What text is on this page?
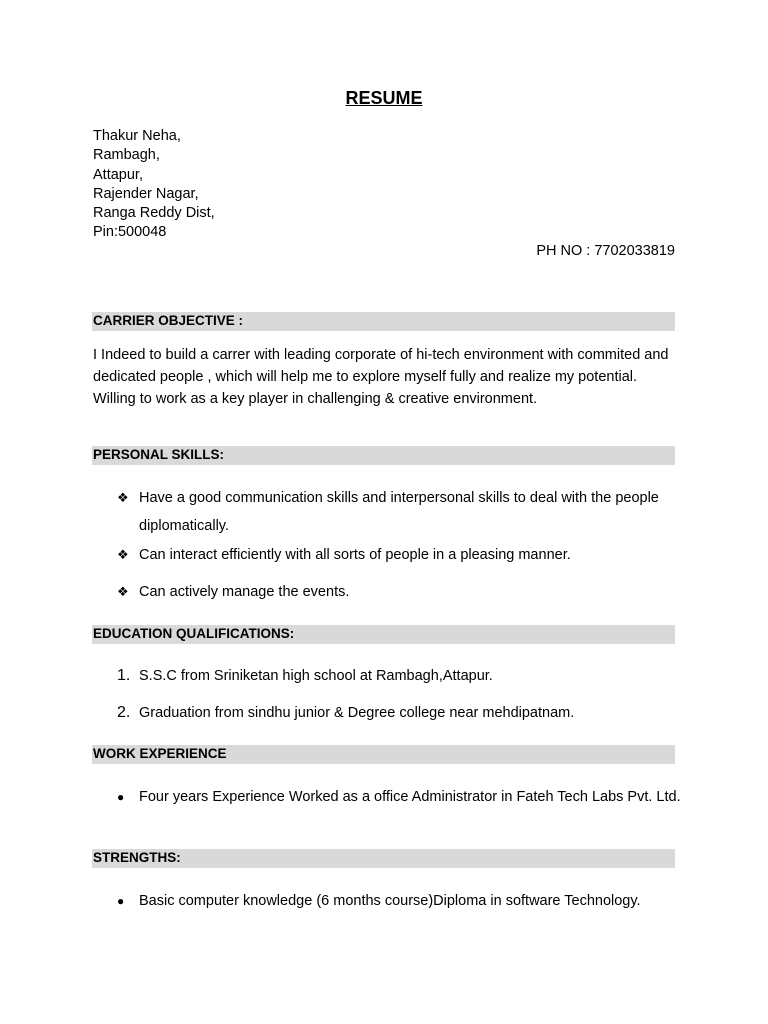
RESUME
Thakur Neha,
Rambagh,
Attapur,
Rajender Nagar,
Ranga Reddy Dist,
Pin:500048
PH NO : 7702033819
CARRIER OBJECTIVE :
I Indeed to build a carrer with leading corporate of hi-tech environment with commited and dedicated people , which will help me to explore myself fully and realize my potential. Willing to work as a key player in challenging & creative environment.
PERSONAL SKILLS:
❖ Have a good communication skills and interpersonal skills to deal with the people diplomatically.
❖ Can interact efficiently with all sorts of people in a pleasing manner.
❖ Can actively manage the events.
EDUCATION QUALIFICATIONS:
1. S.S.C from Sriniketan high school at Rambagh,Attapur.
2. Graduation from sindhu junior & Degree college near mehdipatnam.
WORK EXPERIENCE
●	Four years Experience Worked as a office Administrator in Fateh Tech Labs Pvt. Ltd.
STRENGTHS:
●	Basic computer knowledge (6 months course)Diploma in software Technology.
